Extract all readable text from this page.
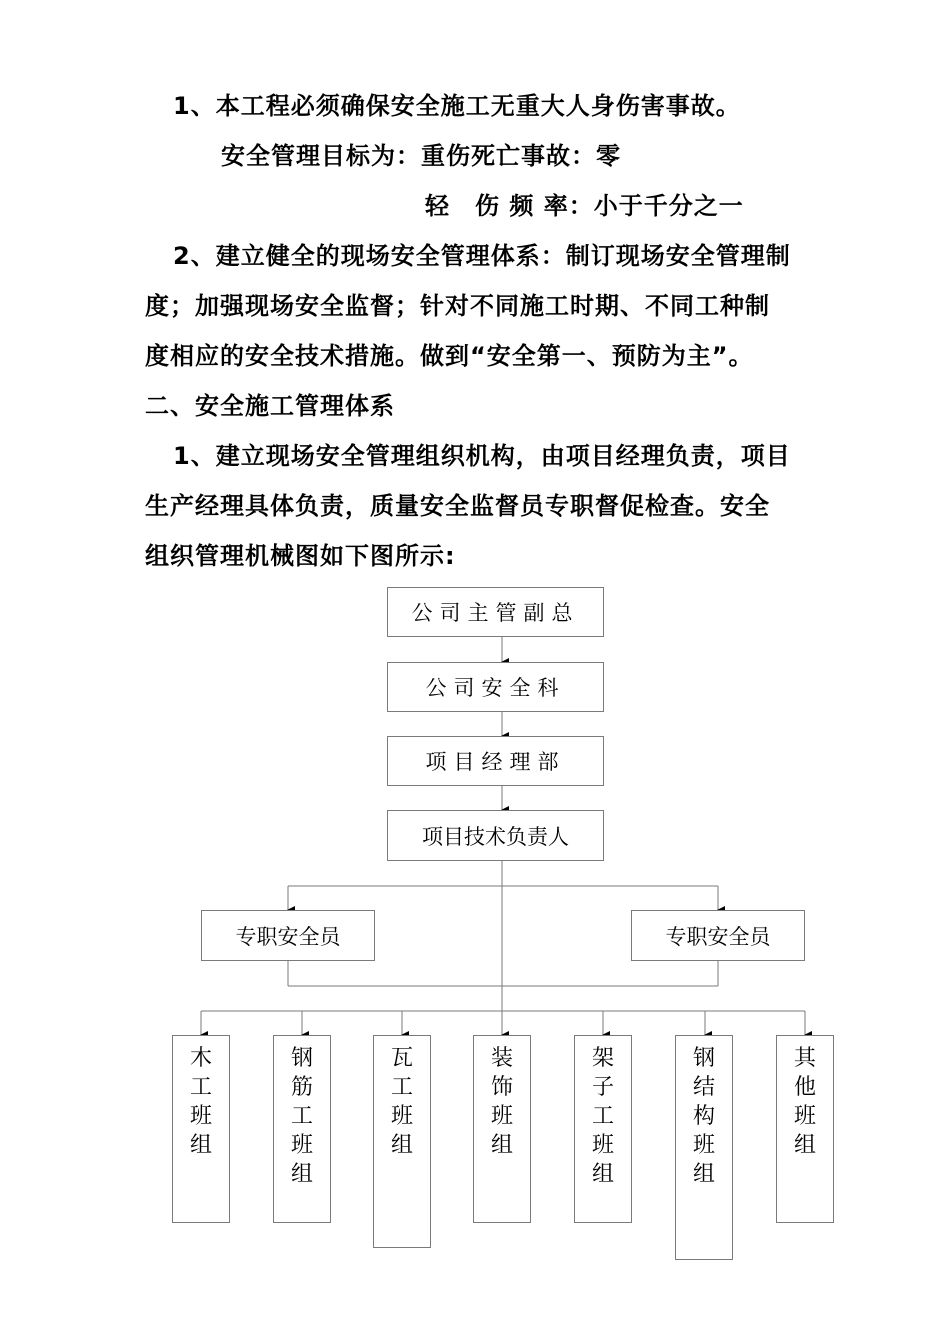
1、本工程必须确保安全施工无重大人身伤害事故。
安全管理目标为：重伤死亡事故：零
轻　伤 频 率：小于千分之一
2、建立健全的现场安全管理体系：制订现场安全管理制
度；加强现场安全监督；针对不同施工时期、不同工种制
度相应的安全技术措施。做到“安全第一、预防为主”。
二、安全施工管理体系
1、建立现场安全管理组织机构，由项目经理负责，项目
生产经理具体负责，质量安全监督员专职督促检查。安全
组织管理机械图如下图所示:
公司主管副总
公司安全科
项目经理部
项目技术负责人
专职安全员	专职安全员
木工班组
钢筋工班组
瓦工班组
装饰班组
架子工班组
钢结构班组
其他班组
